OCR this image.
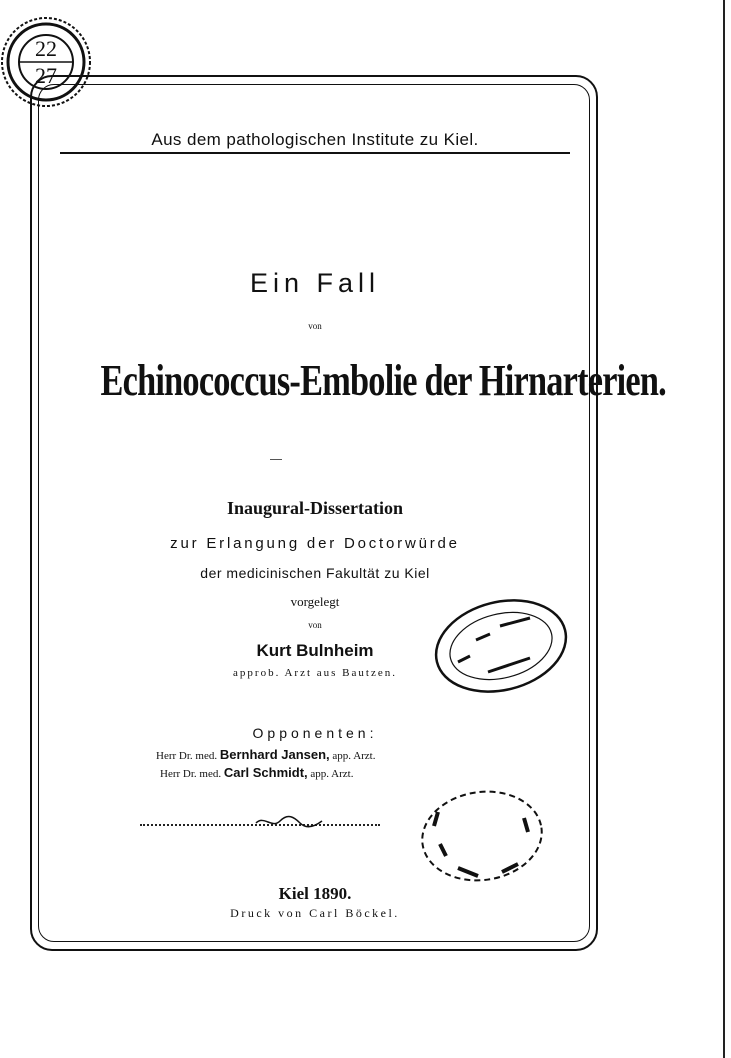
22
27
Aus dem pathologischen Institute zu Kiel.
Ein Fall
von
Echinococcus-Embolie der Hirnarterien.
Inaugural-Dissertation
zur Erlangung der Doctorwürde
der medicinischen Fakultät zu Kiel
vorgelegt
von
Kurt Bulnheim
approb. Arzt aus Bautzen.
Opponenten:
Herr Dr. med. Bernhard Jansen, app. Arzt.
Herr Dr. med. Carl Schmidt, app. Arzt.
Kiel 1890.
Druck von Carl Böckel.
